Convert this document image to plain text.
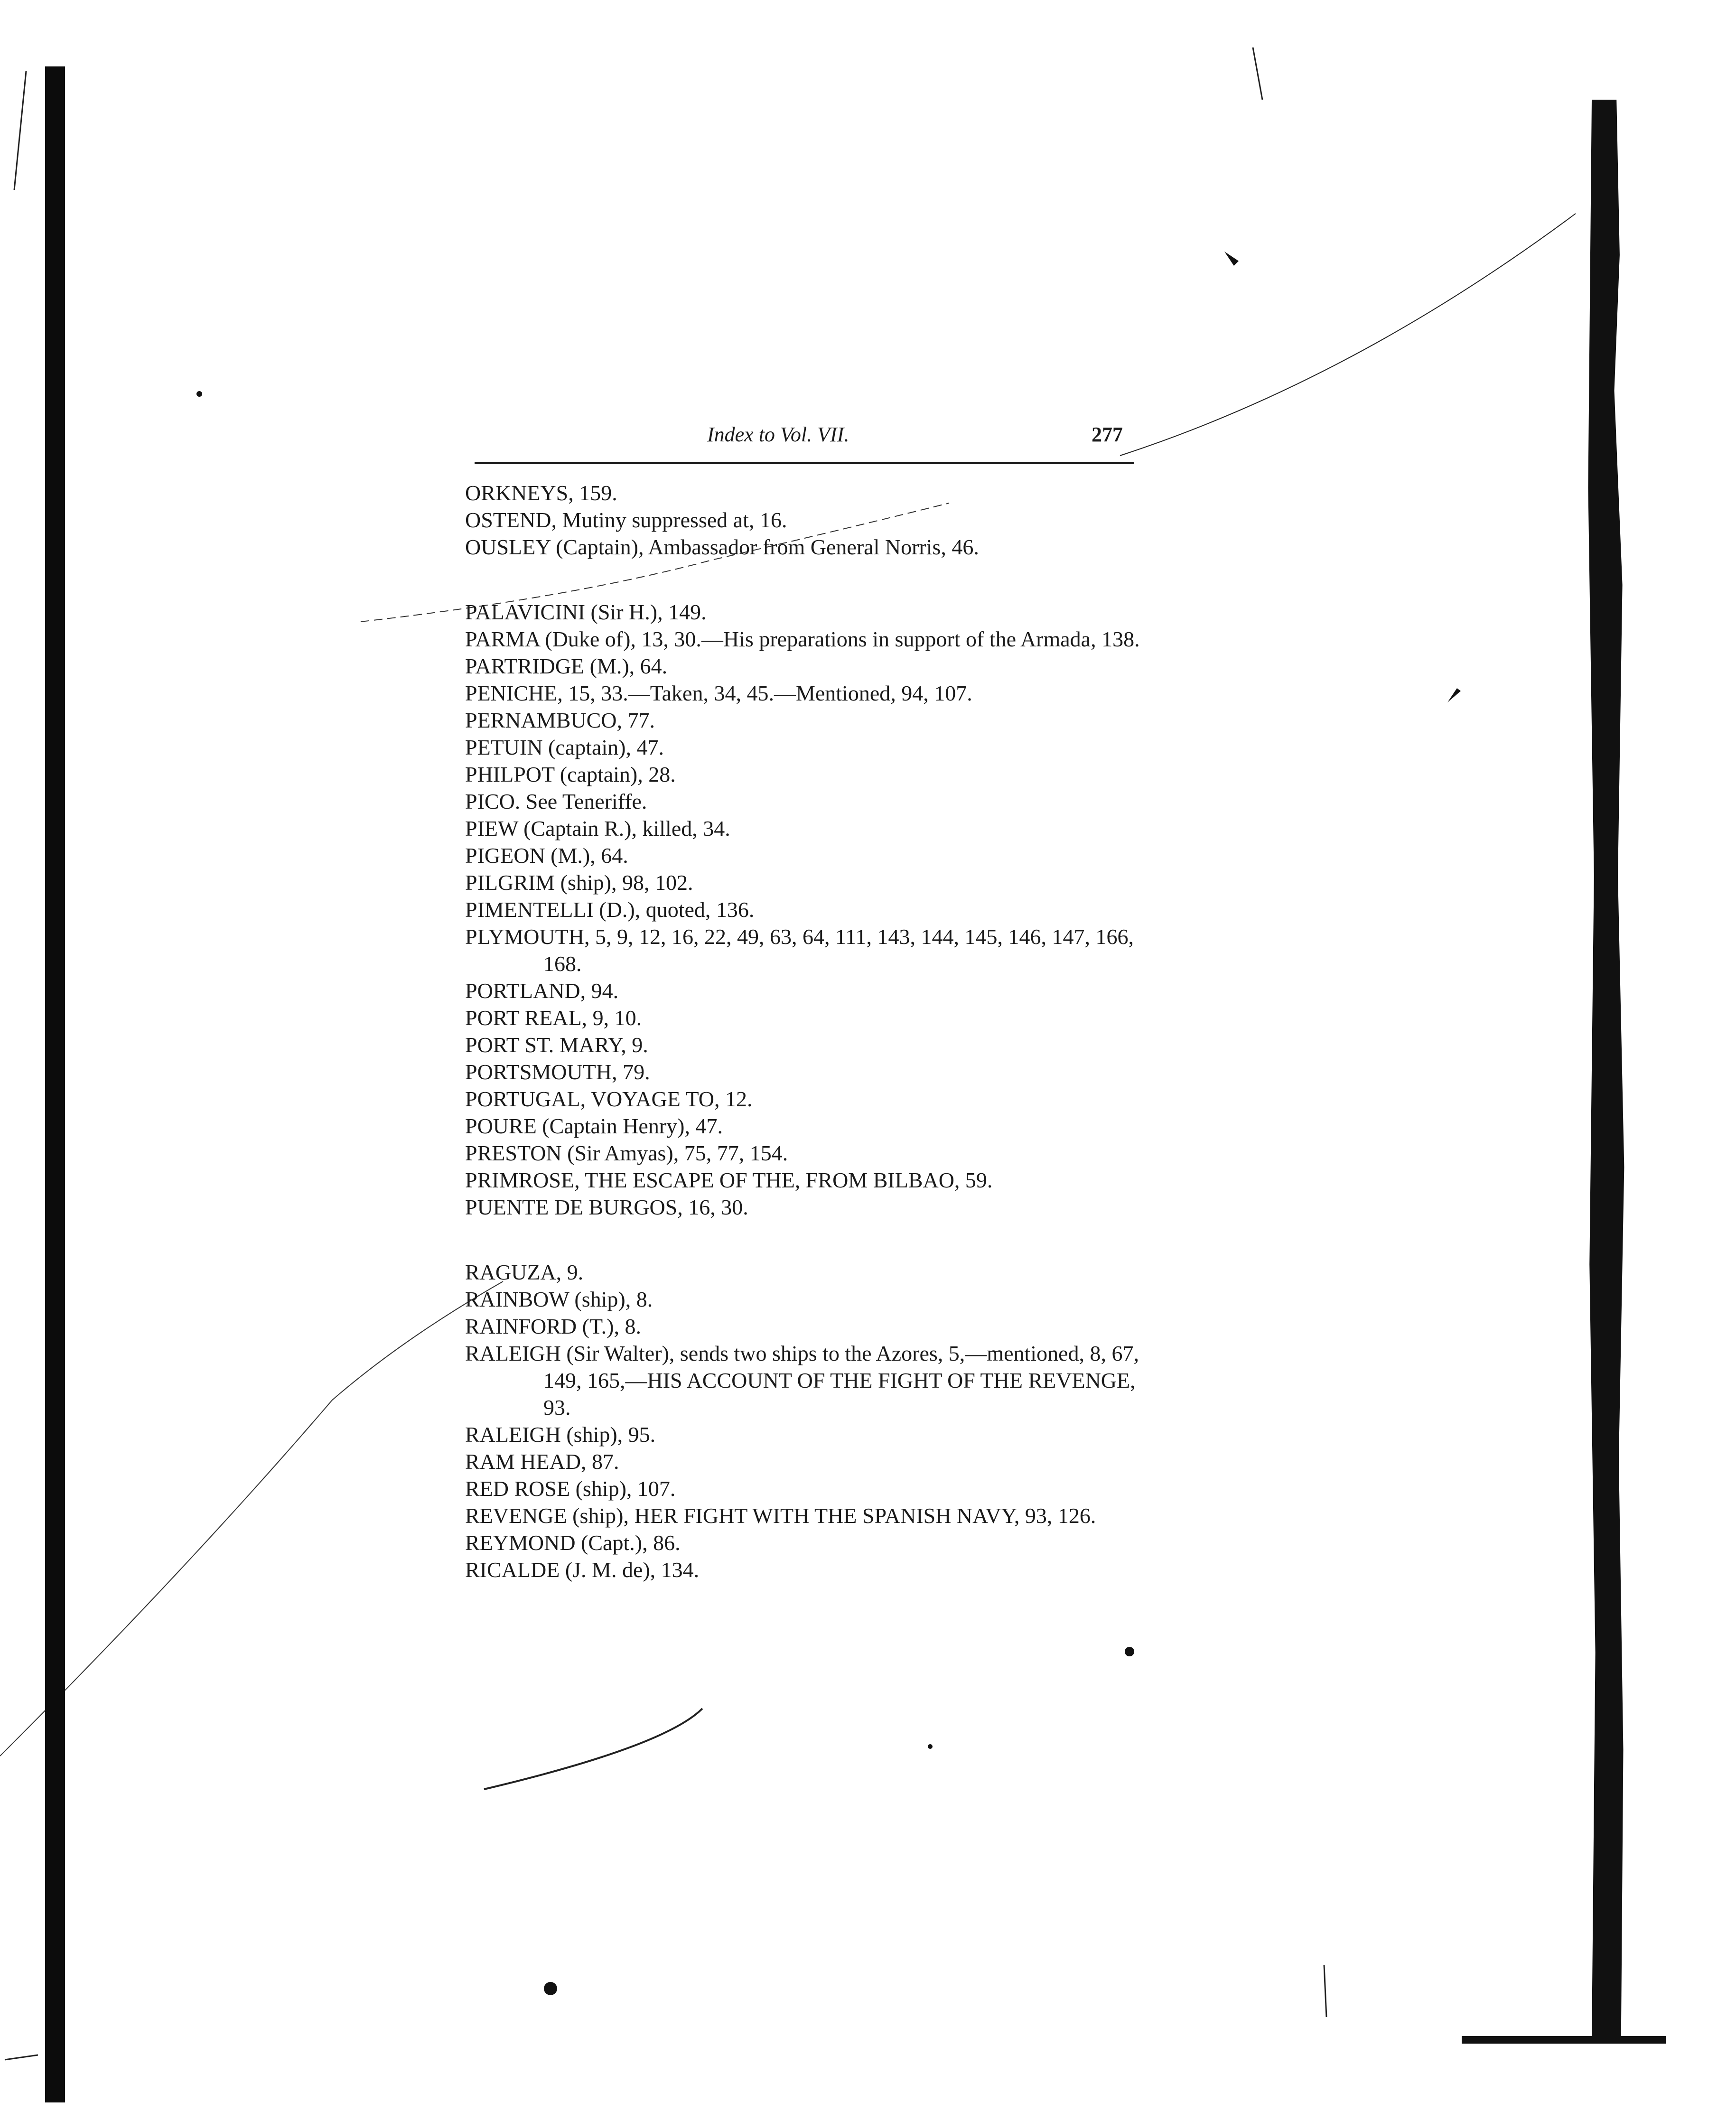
Index to Vol. VII.	277
ORKNEYS, 159.
OSTEND, Mutiny suppressed at, 16.
OUSLEY (Captain), Ambassador from General Norris, 46.
PALAVICINI (Sir H.), 149.
PARMA (Duke of), 13, 30.—His preparations in support of the Armada, 138.
PARTRIDGE (M.), 64.
PENICHE, 15, 33.—Taken, 34, 45.—Mentioned, 94, 107.
PERNAMBUCO, 77.
PETUIN (captain), 47.
PHILPOT (captain), 28.
PICO. See Teneriffe.
PIEW (Captain R.), killed, 34.
PIGEON (M.), 64.
PILGRIM (ship), 98, 102.
PIMENTELLI (D.), quoted, 136.
PLYMOUTH, 5, 9, 12, 16, 22, 49, 63, 64, 111, 143, 144, 145, 146, 147, 166, 168.
PORTLAND, 94.
PORT REAL, 9, 10.
PORT ST. MARY, 9.
PORTSMOUTH, 79.
PORTUGAL, VOYAGE TO, 12.
POURE (Captain Henry), 47.
PRESTON (Sir Amyas), 75, 77, 154.
PRIMROSE, THE ESCAPE OF THE, FROM BILBAO, 59.
PUENTE DE BURGOS, 16, 30.
RAGUZA, 9.
RAINBOW (ship), 8.
RAINFORD (T.), 8.
RALEIGH (Sir Walter), sends two ships to the Azores, 5,—mentioned, 8, 67, 149, 165,—HIS ACCOUNT OF THE FIGHT OF THE REVENGE, 93.
RALEIGH (ship), 95.
RAM HEAD, 87.
RED ROSE (ship), 107.
REVENGE (ship), HER FIGHT WITH THE SPANISH NAVY, 93, 126.
REYMOND (Capt.), 86.
RICALDE (J. M. de), 134.
